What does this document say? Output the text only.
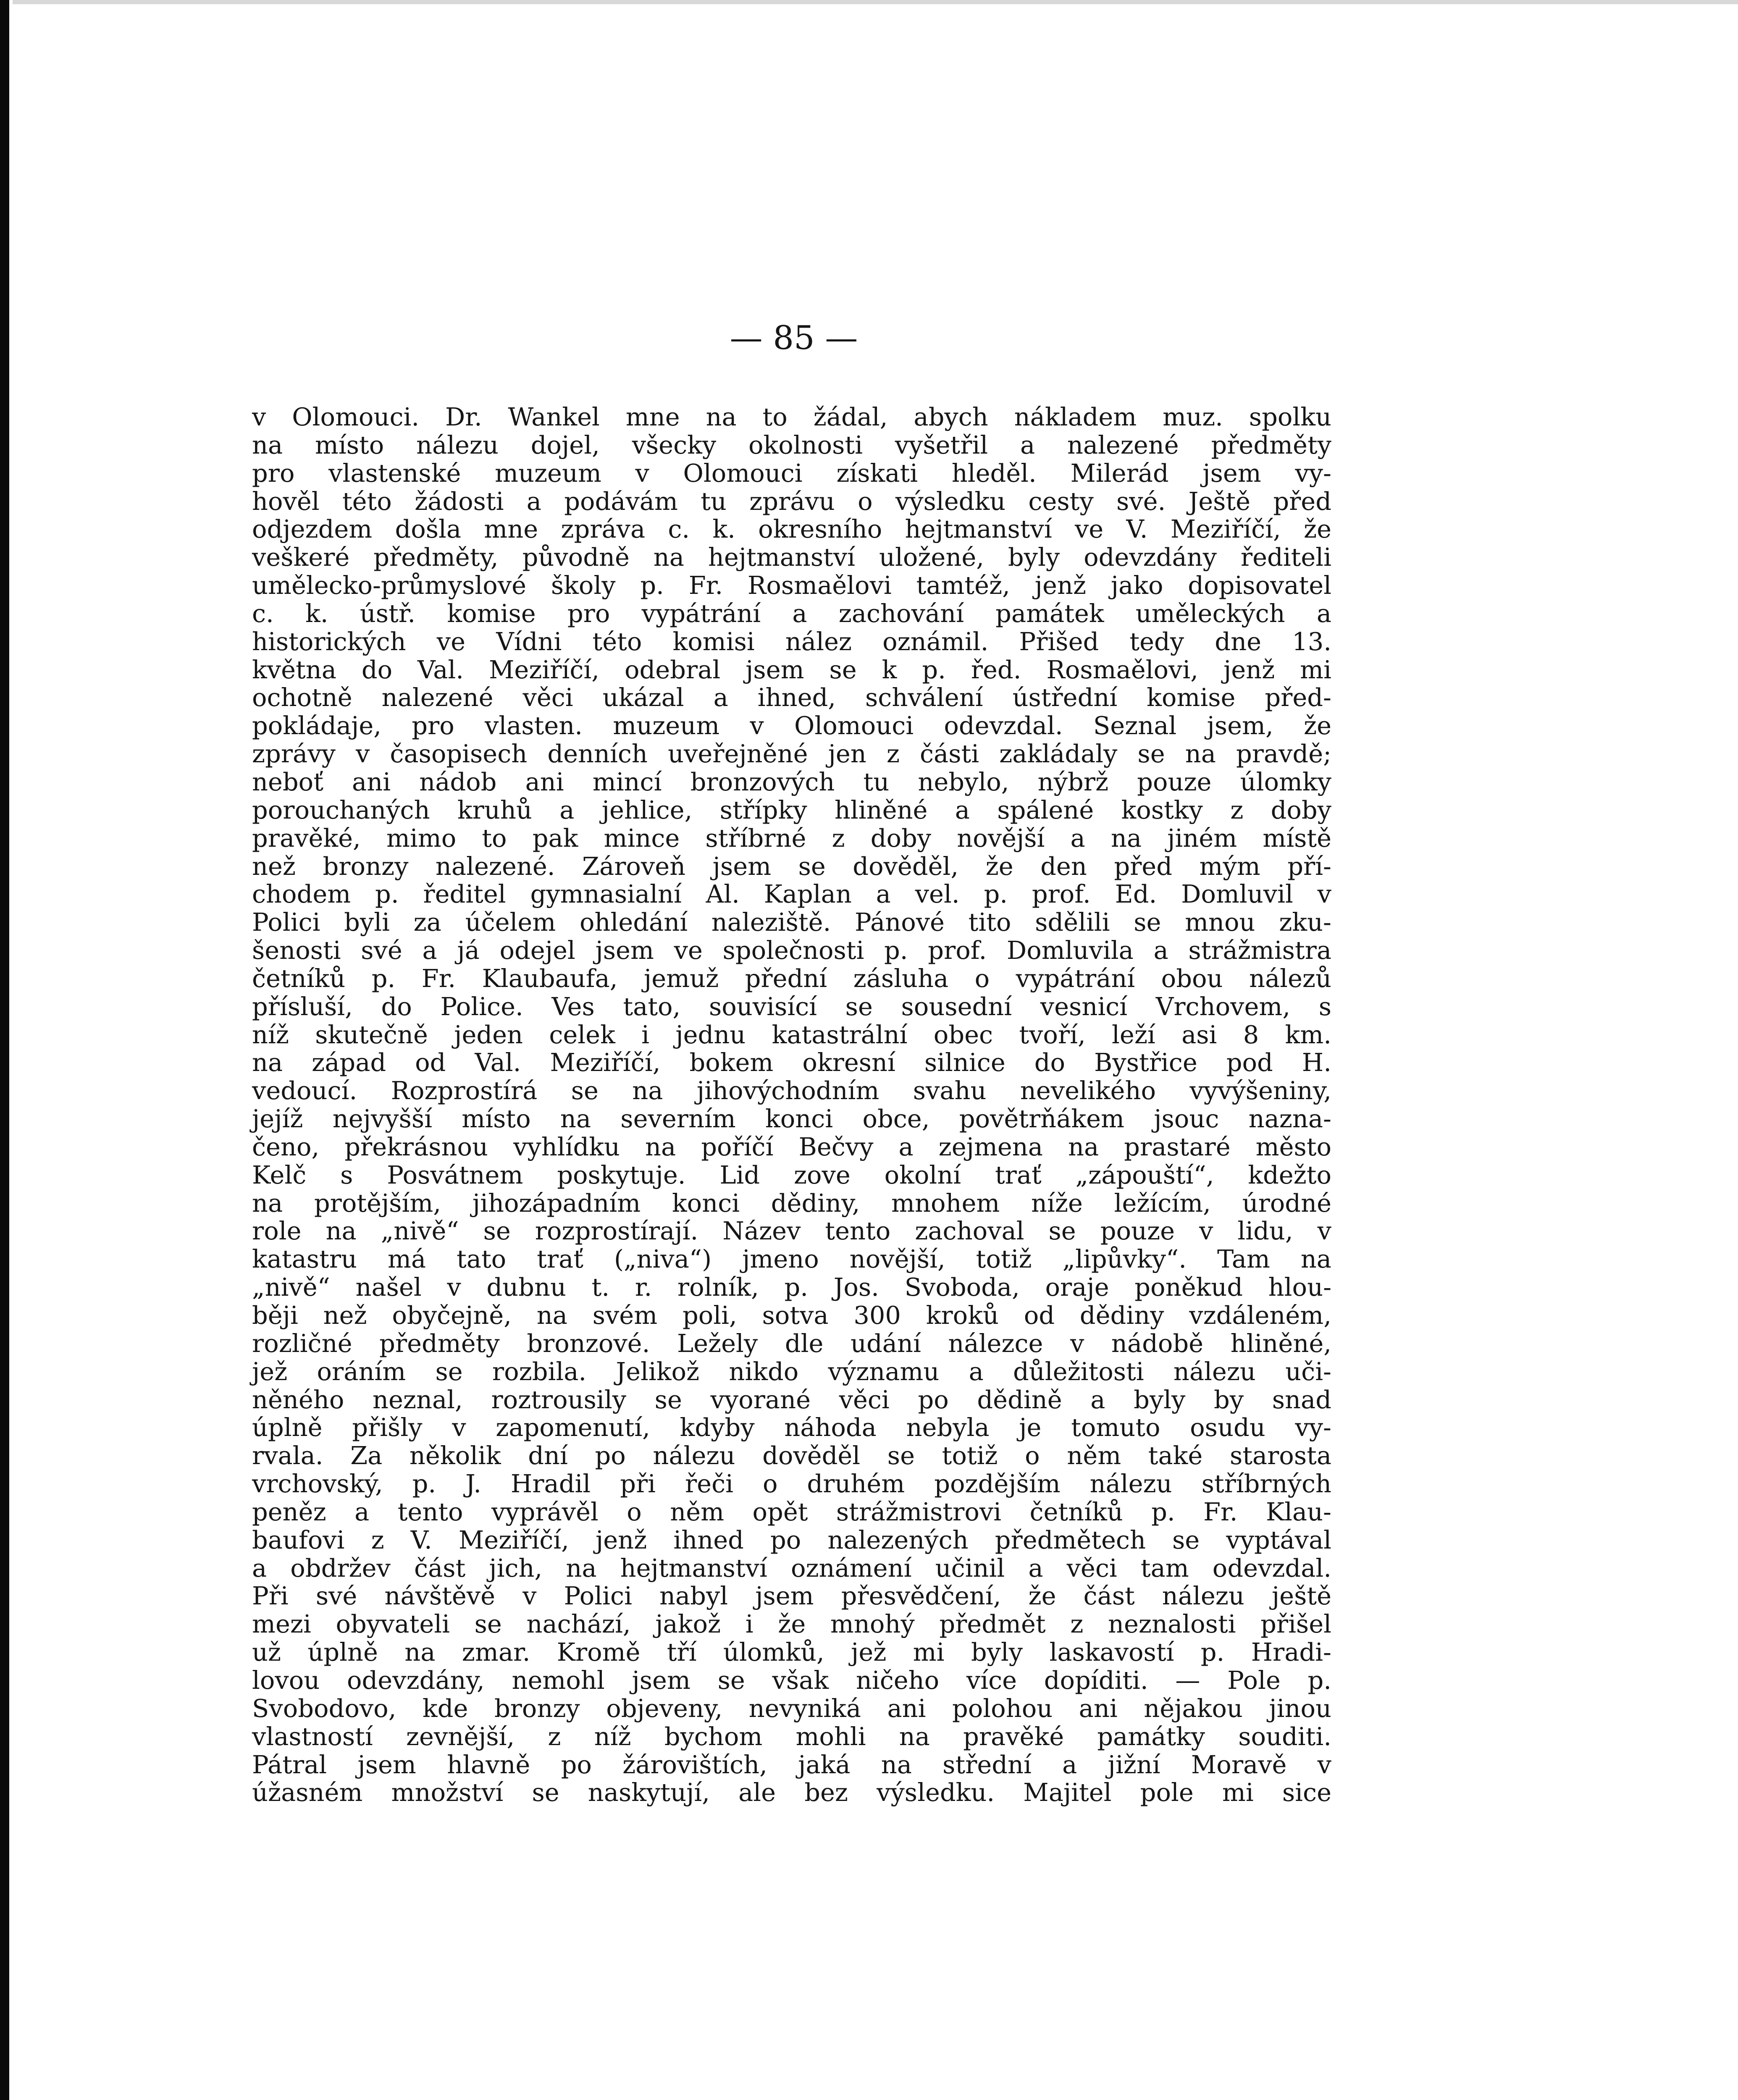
— 85 —
v Olomouci. Dr. Wankel mne na to žádal, abych nákladem muz. spolku
na místo nálezu dojel, všecky okolnosti vyšetřil a nalezené předměty
pro vlastenské muzeum v Olomouci získati hleděl. Milerád jsem vy-
hověl této žádosti a podávám tu zprávu o výsledku cesty své. Ještě před
odjezdem došla mne zpráva c. k. okresního hejtmanství ve V. Meziříčí, že
veškeré předměty, původně na hejtmanství uložené, byly odevzdány řediteli
umělecko-průmyslové školy p. Fr. Rosmaělovi tamtéž, jenž jako dopisovatel
c. k. ústř. komise pro vypátrání a zachování památek uměleckých a
historických ve Vídni této komisi nález oznámil. Přišed tedy dne 13.
května do Val. Meziříčí, odebral jsem se k p. řed. Rosmaělovi, jenž mi
ochotně nalezené věci ukázal a ihned, schválení ústřední komise před-
pokládaje, pro vlasten. muzeum v Olomouci odevzdal. Seznal jsem, že
zprávy v časopisech denních uveřejněné jen z části zakládaly se na pravdě;
neboť ani nádob ani mincí bronzových tu nebylo, nýbrž pouze úlomky
porouchaných kruhů a jehlice, střípky hliněné a spálené kostky z doby
pravěké, mimo to pak mince stříbrné z doby novější a na jiném místě
než bronzy nalezené. Zároveň jsem se dověděl, že den před mým pří-
chodem p. ředitel gymnasialní Al. Kaplan a vel. p. prof. Ed. Domluvil v
Polici byli za účelem ohledání naleziště. Pánové tito sdělili se mnou zku-
šenosti své a já odejel jsem ve společnosti p. prof. Domluvila a strážmistra
četníků p. Fr. Klaubaufa, jemuž přední zásluha o vypátrání obou nálezů
přísluší, do Police. Ves tato, souvisící se sousední vesnicí Vrchovem, s
níž skutečně jeden celek i jednu katastrální obec tvoří, leží asi 8 km.
na západ od Val. Meziříčí, bokem okresní silnice do Bystřice pod H.
vedoucí. Rozprostírá se na jihovýchodním svahu nevelikého vyvýšeniny,
jejíž nejvyšší místo na severním konci obce, povětrňákem jsouc nazna-
čeno, překrásnou vyhlídku na poříčí Bečvy a zejmena na prastaré město
Kelč s Posvátnem poskytuje. Lid zove okolní trať „zápouští“, kdežto
na protějším, jihozápadním konci dědiny, mnohem níže ležícím, úrodné
role na „nivě“ se rozprostírají. Název tento zachoval se pouze v lidu, v
katastru má tato trať („niva“) jmeno novější, totiž „lipůvky“. Tam na
„nivě“ našel v dubnu t. r. rolník, p. Jos. Svoboda, oraje poněkud hlou-
běji než obyčejně, na svém poli, sotva 300 kroků od dědiny vzdáleném,
rozličné předměty bronzové. Ležely dle udání nálezce v nádobě hliněné,
jež oráním se rozbila. Jelikož nikdo významu a důležitosti nálezu uči-
něného neznal, roztrousily se vyorané věci po dědině a byly by snad
úplně přišly v zapomenutí, kdyby náhoda nebyla je tomuto osudu vy-
rvala. Za několik dní po nálezu dověděl se totiž o něm také starosta
vrchovský, p. J. Hradil při řeči o druhém pozdějším nálezu stříbrných
peněz a tento vyprávěl o něm opět strážmistrovi četníků p. Fr. Klau-
baufovi z V. Meziříčí, jenž ihned po nalezených předmětech se vyptával
a obdržev část jich, na hejtmanství oznámení učinil a věci tam odevzdal.
Při své návštěvě v Polici nabyl jsem přesvědčení, že část nálezu ještě
mezi obyvateli se nachází, jakož i že mnohý předmět z neznalosti přišel
už úplně na zmar. Kromě tří úlomků, jež mi byly laskavostí p. Hradi-
lovou odevzdány, nemohl jsem se však ničeho více dopíditi. — Pole p.
Svobodovo, kde bronzy objeveny, nevyniká ani polohou ani nějakou jinou
vlastností zevnější, z níž bychom mohli na pravěké památky souditi.
Pátral jsem hlavně po žárovištích, jaká na střední a jižní Moravě v
úžasném množství se naskytují, ale bez výsledku. Majitel pole mi sice
